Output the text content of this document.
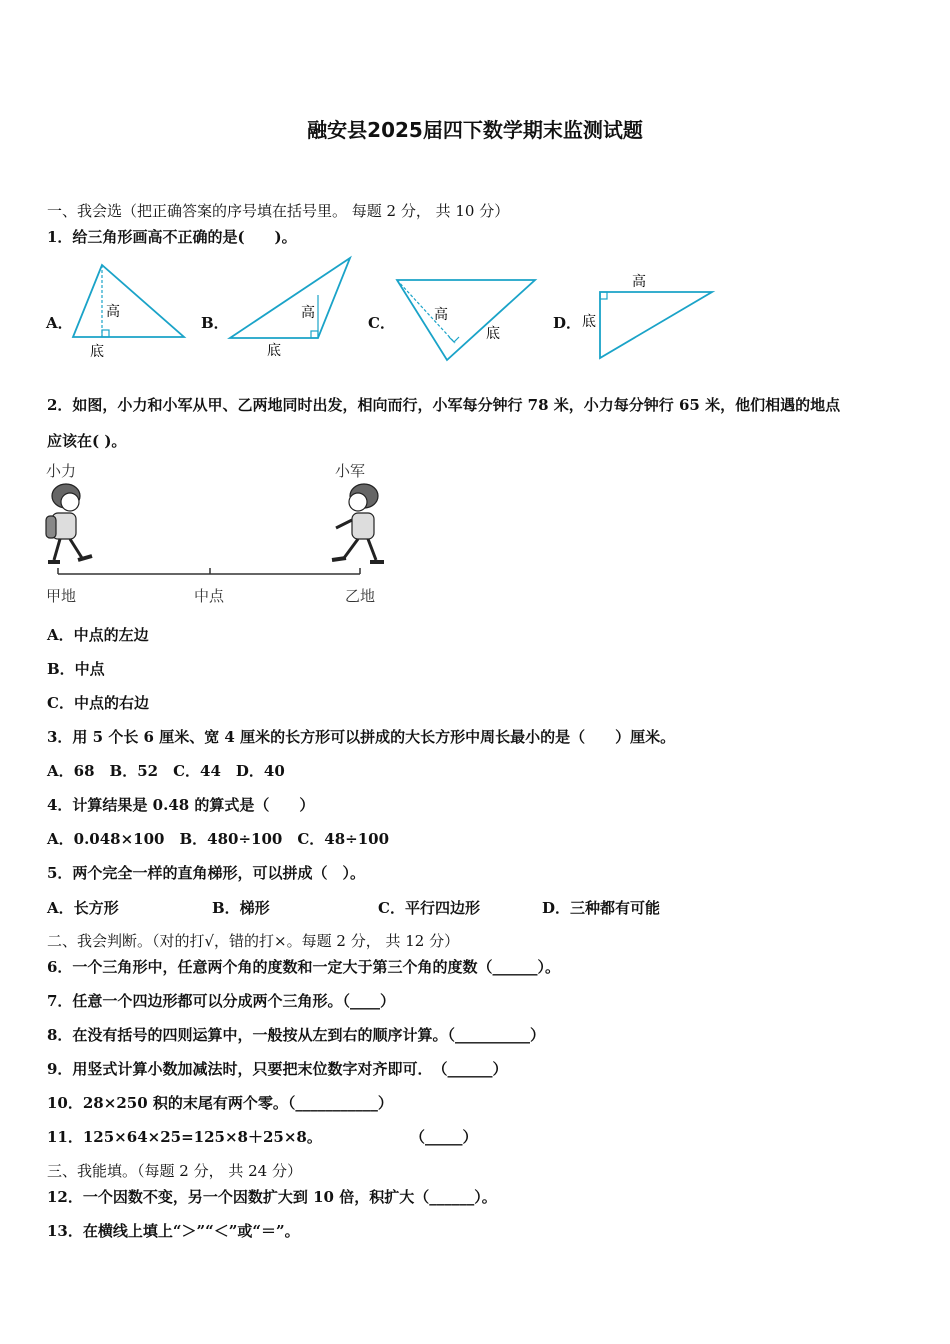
融安县2025届四下数学期末监测试题
一、我会选（把正确答案的序号填在括号里。 每题 2 分， 共 10 分）
1．给三角形画高不正确的是(　　)。
A．
高
底
B．
高
底
C．	高
底
D．
高
底
2．如图，小力和小军从甲、乙两地同时出发，相向而行，小军每分钟行 78 米，小力每分钟行 65 米，他们相遇的地点
应该在( )。
小力	小军
甲地	中点	乙地
A．中点的左边
B．中点
C．中点的右边
3．用 5 个长 6 厘米、宽 4 厘米的长方形可以拼成的大长方形中周长最小的是（　　）厘米。
A．68　B．52　C．44　D．40
4．计算结果是 0.48 的算式是（　　）
A．0.048×100　B．480÷100　C．48÷100
5．两个完全一样的直角梯形，可以拼成（　）。
A．长方形	B．梯形	C．平行四边形	D．三种都有可能
二、我会判断。（对的打√，错的打×。每题 2 分， 共 12 分）
6．一个三角形中，任意两个角的度数和一定大于第三个角的度数（______）。
7．任意一个四边形都可以分成两个三角形。（____）
8．在没有括号的四则运算中，一般按从左到右的顺序计算。（__________）
9．用竖式计算小数加减法时，只要把末位数字对齐即可．　（______）
10．28×250 积的末尾有两个零。（___________）
11．125×64×25=125×8＋25×8。	（_____）
三、我能填。（每题 2 分， 共 24 分）
12．一个因数不变，另一个因数扩大到 10 倍，积扩大（______）。
13．在横线上填上“＞”“＜”或“＝”。
